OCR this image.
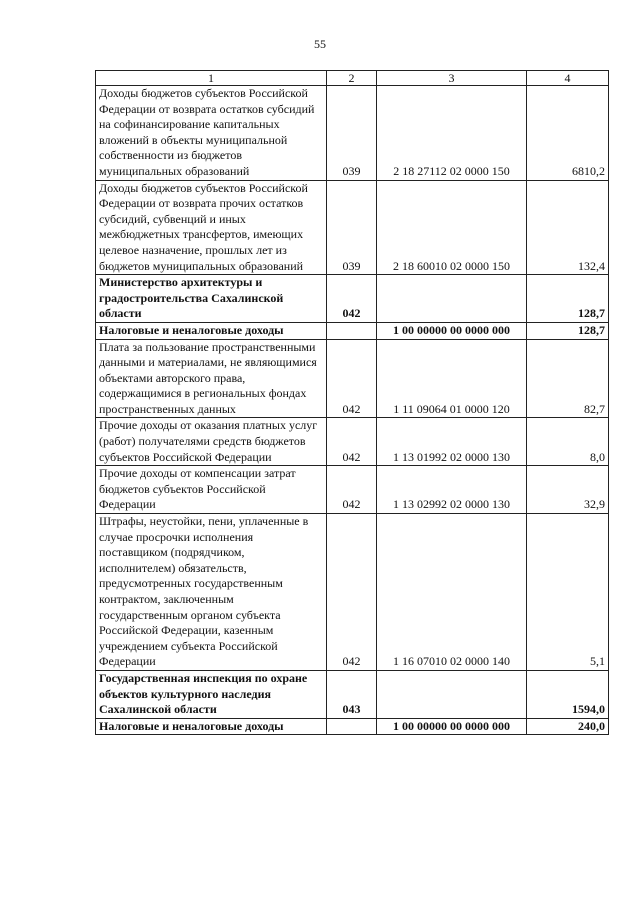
55
1	2	3	4
Доходы бюджетов субъектов Российской Федерации от возврата остатков субсидий на софинансирование капитальных вложений в объекты муниципальной собственности из бюджетов муниципальных образований	039	2 18 27112 02 0000 150	6810,2
Доходы бюджетов субъектов Российской Федерации от возврата прочих остатков субсидий, субвенций и иных межбюджетных трансфертов, имеющих целевое назначение, прошлых лет из бюджетов муниципальных образований	039	2 18 60010 02 0000 150	132,4
Министерство архитектуры и градостроительства Сахалинской области	042		128,7
Налоговые и неналоговые доходы		1 00 00000 00 0000 000	128,7
Плата за пользование пространственными данными и материалами, не являющимися объектами авторского права, содержащимися в региональных фондах пространственных данных	042	1 11 09064 01 0000 120	82,7
Прочие доходы от оказания платных услуг (работ) получателями средств бюджетов субъектов Российской Федерации	042	1 13 01992 02 0000 130	8,0
Прочие доходы от компенсации затрат бюджетов субъектов Российской Федерации	042	1 13 02992 02 0000 130	32,9
Штрафы, неустойки, пени, уплаченные в случае просрочки исполнения поставщиком (подрядчиком, исполнителем) обязательств, предусмотренных государственным контрактом, заключенным государственным органом субъекта Российской Федерации, казенным учреждением субъекта Российской Федерации	042	1 16 07010 02 0000 140	5,1
Государственная инспекция по охране объектов культурного наследия Сахалинской области	043		1594,0
Налоговые и неналоговые доходы		1 00 00000 00 0000 000	240,0
